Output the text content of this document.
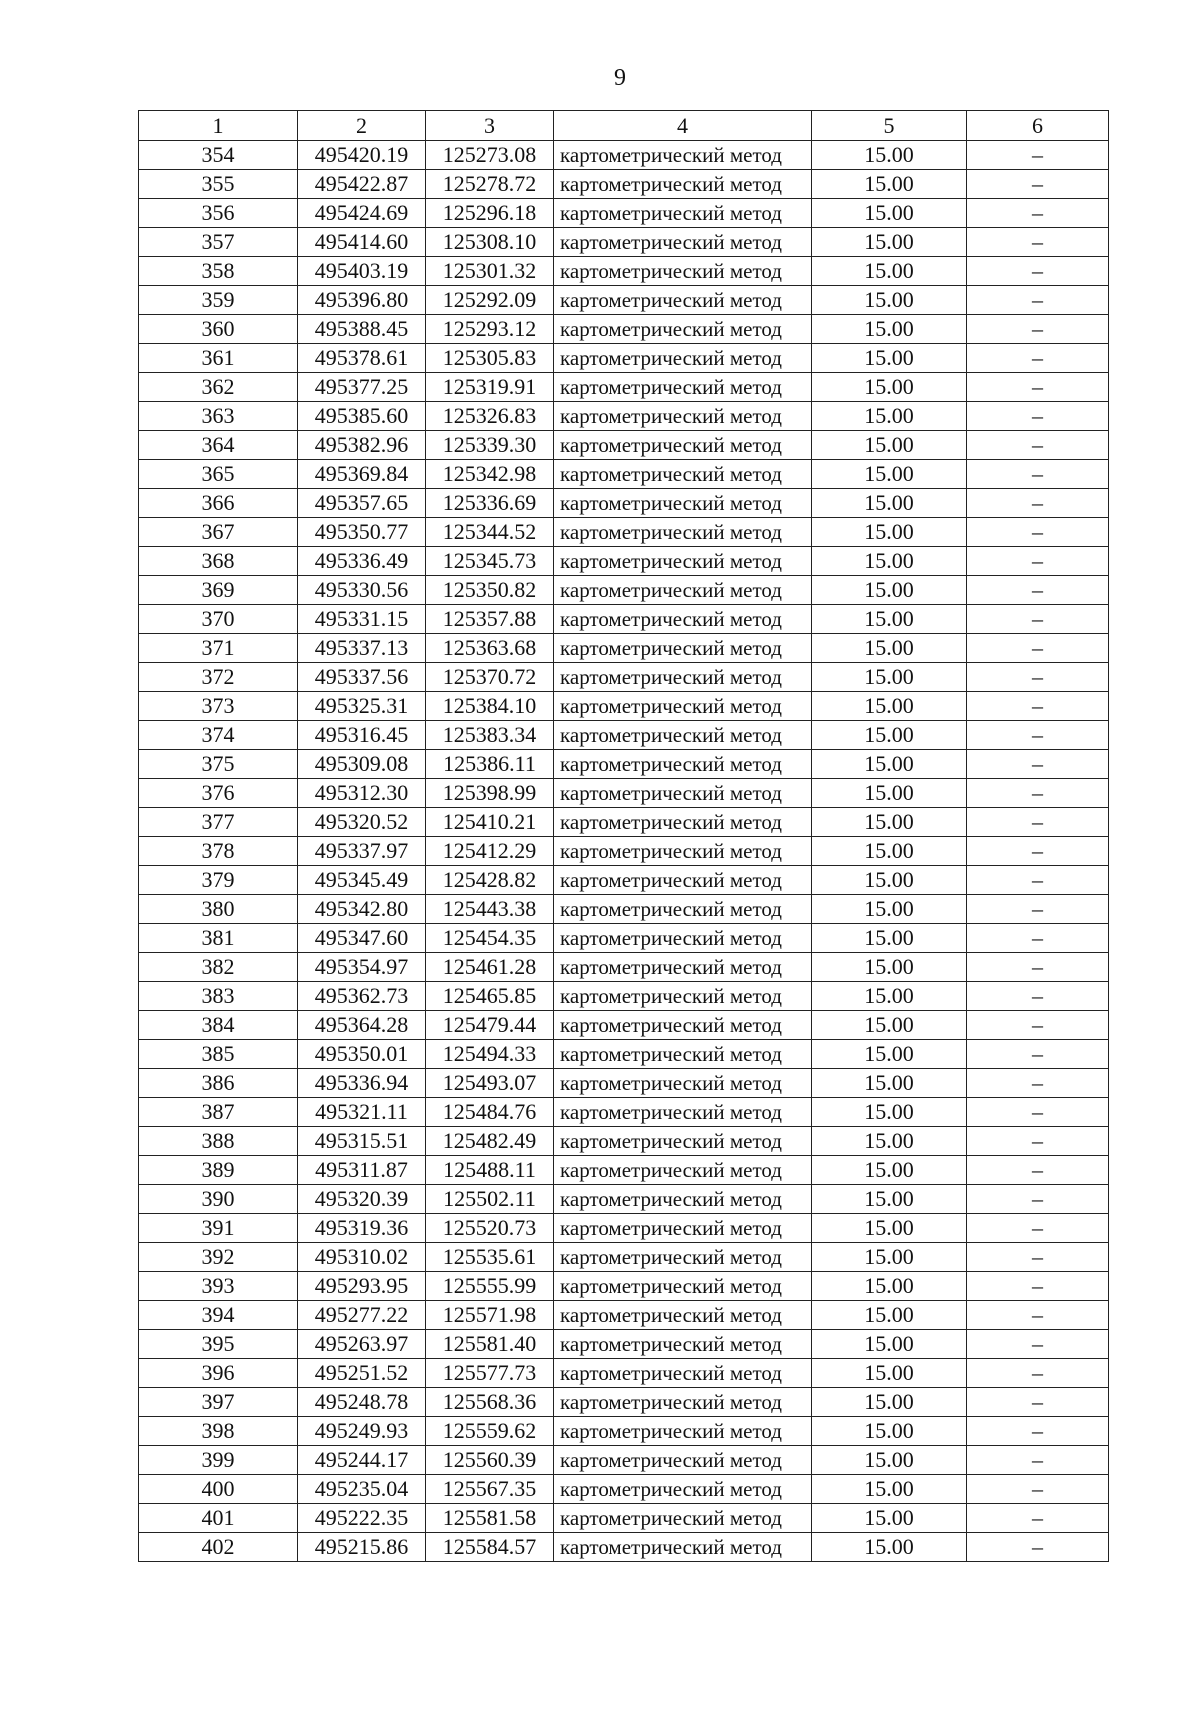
9
1	2	3	4	5	6
354	495420.19	125273.08	картометрический метод	15.00	–
355	495422.87	125278.72	картометрический метод	15.00	–
356	495424.69	125296.18	картометрический метод	15.00	–
357	495414.60	125308.10	картометрический метод	15.00	–
358	495403.19	125301.32	картометрический метод	15.00	–
359	495396.80	125292.09	картометрический метод	15.00	–
360	495388.45	125293.12	картометрический метод	15.00	–
361	495378.61	125305.83	картометрический метод	15.00	–
362	495377.25	125319.91	картометрический метод	15.00	–
363	495385.60	125326.83	картометрический метод	15.00	–
364	495382.96	125339.30	картометрический метод	15.00	–
365	495369.84	125342.98	картометрический метод	15.00	–
366	495357.65	125336.69	картометрический метод	15.00	–
367	495350.77	125344.52	картометрический метод	15.00	–
368	495336.49	125345.73	картометрический метод	15.00	–
369	495330.56	125350.82	картометрический метод	15.00	–
370	495331.15	125357.88	картометрический метод	15.00	–
371	495337.13	125363.68	картометрический метод	15.00	–
372	495337.56	125370.72	картометрический метод	15.00	–
373	495325.31	125384.10	картометрический метод	15.00	–
374	495316.45	125383.34	картометрический метод	15.00	–
375	495309.08	125386.11	картометрический метод	15.00	–
376	495312.30	125398.99	картометрический метод	15.00	–
377	495320.52	125410.21	картометрический метод	15.00	–
378	495337.97	125412.29	картометрический метод	15.00	–
379	495345.49	125428.82	картометрический метод	15.00	–
380	495342.80	125443.38	картометрический метод	15.00	–
381	495347.60	125454.35	картометрический метод	15.00	–
382	495354.97	125461.28	картометрический метод	15.00	–
383	495362.73	125465.85	картометрический метод	15.00	–
384	495364.28	125479.44	картометрический метод	15.00	–
385	495350.01	125494.33	картометрический метод	15.00	–
386	495336.94	125493.07	картометрический метод	15.00	–
387	495321.11	125484.76	картометрический метод	15.00	–
388	495315.51	125482.49	картометрический метод	15.00	–
389	495311.87	125488.11	картометрический метод	15.00	–
390	495320.39	125502.11	картометрический метод	15.00	–
391	495319.36	125520.73	картометрический метод	15.00	–
392	495310.02	125535.61	картометрический метод	15.00	–
393	495293.95	125555.99	картометрический метод	15.00	–
394	495277.22	125571.98	картометрический метод	15.00	–
395	495263.97	125581.40	картометрический метод	15.00	–
396	495251.52	125577.73	картометрический метод	15.00	–
397	495248.78	125568.36	картометрический метод	15.00	–
398	495249.93	125559.62	картометрический метод	15.00	–
399	495244.17	125560.39	картометрический метод	15.00	–
400	495235.04	125567.35	картометрический метод	15.00	–
401	495222.35	125581.58	картометрический метод	15.00	–
402	495215.86	125584.57	картометрический метод	15.00	–
